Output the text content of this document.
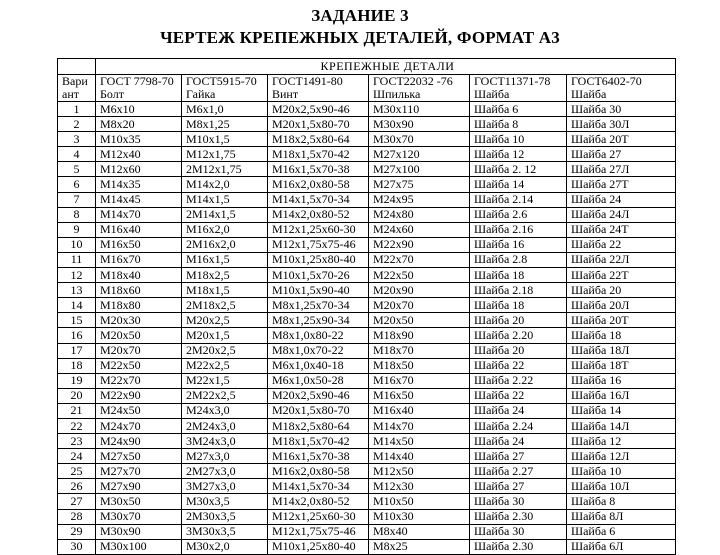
ЗАДАНИЕ 3
ЧЕРТЕЖ КРЕПЕЖНЫХ ДЕТАЛЕЙ, ФОРМАТ А3
	КРЕПЕЖНЫЕ ДЕТАЛИ					
Вари	ГОСТ 7798-70	ГОСТ5915-70	ГОСТ1491-80	ГОСТ22032 -76	ГОСТ11371-78	ГОСТ6402-70
ант	Болт	Гайка	Винт	Шпилька	Шайба	Шайба
1	М6х10	М6х1,0	М20х2,5х90-46	М30х110	Шайба 6	Шайба 30
2	М8х20	М8х1,25	М20х1,5х80-70	М30х90	Шайба 8	Шайба 30Л
3	М10х35	М10х1,5	М18х2,5х80-64	М30х70	Шайба 10	Шайба 20Т
4	М12х40	М12х1,75	М18х1,5х70-42	М27х120	Шайба 12	Шайба 27
5	М12х60	2М12х1,75	М16х1,5х70-38	М27х100	Шайба 2. 12	Шайба 27Л
6	М14х35	М14х2,0	М16х2,0х80-58	М27х75	Шайба 14	Шайба 27Т
7	М14х45	М14х1,5	М14х1,5х70-34	М24х95	Шайба 2.14	Шайба 24
8	М14х70	2М14х1,5	М14х2,0х80-52	М24х80	Шайба 2.6	Шайба 24Л
9	М16х40	М16х2,0	М12х1,25х60-30	М24х60	Шайба 2.16	Шайба 24Т
10	М16х50	2М16х2,0	М12х1,75х75-46	М22х90	Шайба 16	Шайба 22
11	М16х70	М16х1,5	М10х1,25х80-40	М22х70	Шайба 2.8	Шайба 22Л
12	М18х40	М18х2,5	М10х1,5х70-26	М22х50	Шайба 18	Шайба 22Т
13	М18х60	М18х1,5	М10х1,5х90-40	М20х90	Шайба 2.18	Шайба 20
14	М18х80	2М18х2,5	М8х1,25х70-34	М20х70	Шайба 18	Шайба 20Л
15	М20х30	М20х2,5	М8х1,25х90-34	М20х50	Шайба 20	Шайба 20Т
16	М20х50	М20х1,5	М8х1,0х80-22	М18х90	Шайба 2.20	Шайба 18
17	М20х70	2М20х2,5	М8х1,0х70-22	М18х70	Шайба 20	Шайба 18Л
18	М22х50	М22х2,5	М6х1,0х40-18	М18х50	Шайба 22	Шайба 18Т
19	М22х70	М22х1,5	М6х1,0х50-28	М16х70	Шайба 2.22	Шайба 16
20	М22х90	2М22х2,5	М20х2,5х90-46	М16х50	Шайба 22	Шайба 16Л
21	М24х50	М24х3,0	М20х1,5х80-70	М16х40	Шайба 24	Шайба 14
22	М24х70	2М24х3,0	М18х2,5х80-64	М14х70	Шайба 2.24	Шайба 14Л
23	М24х90	3М24х3,0	М18х1,5х70-42	М14х50	Шайба 24	Шайба 12
24	М27х50	М27х3,0	М16х1,5х70-38	М14х40	Шайба 27	Шайба 12Л
25	М27х70	2М27х3,0	М16х2,0х80-58	М12х50	Шайба 2.27	Шайба 10
26	М27х90	3М27х3,0	М14х1,5х70-34	М12х30	Шайба 27	Шайба 10Л
27	М30х50	М30х3,5	М14х2,0х80-52	М10х50	Шайба 30	Шайба 8
28	М30х70	2М30х3,5	М12х1,25х60-30	М10х30	Шайба 2.30	Шайба 8Л
29	М30х90	3М30х3,5	М12х1,75х75-46	М8х40	Шайба 30	Шайба 6
30	М30х100	М30х2,0	М10х1,25х80-40	М8х25	Шайба 2.30	Шайба 6Л
